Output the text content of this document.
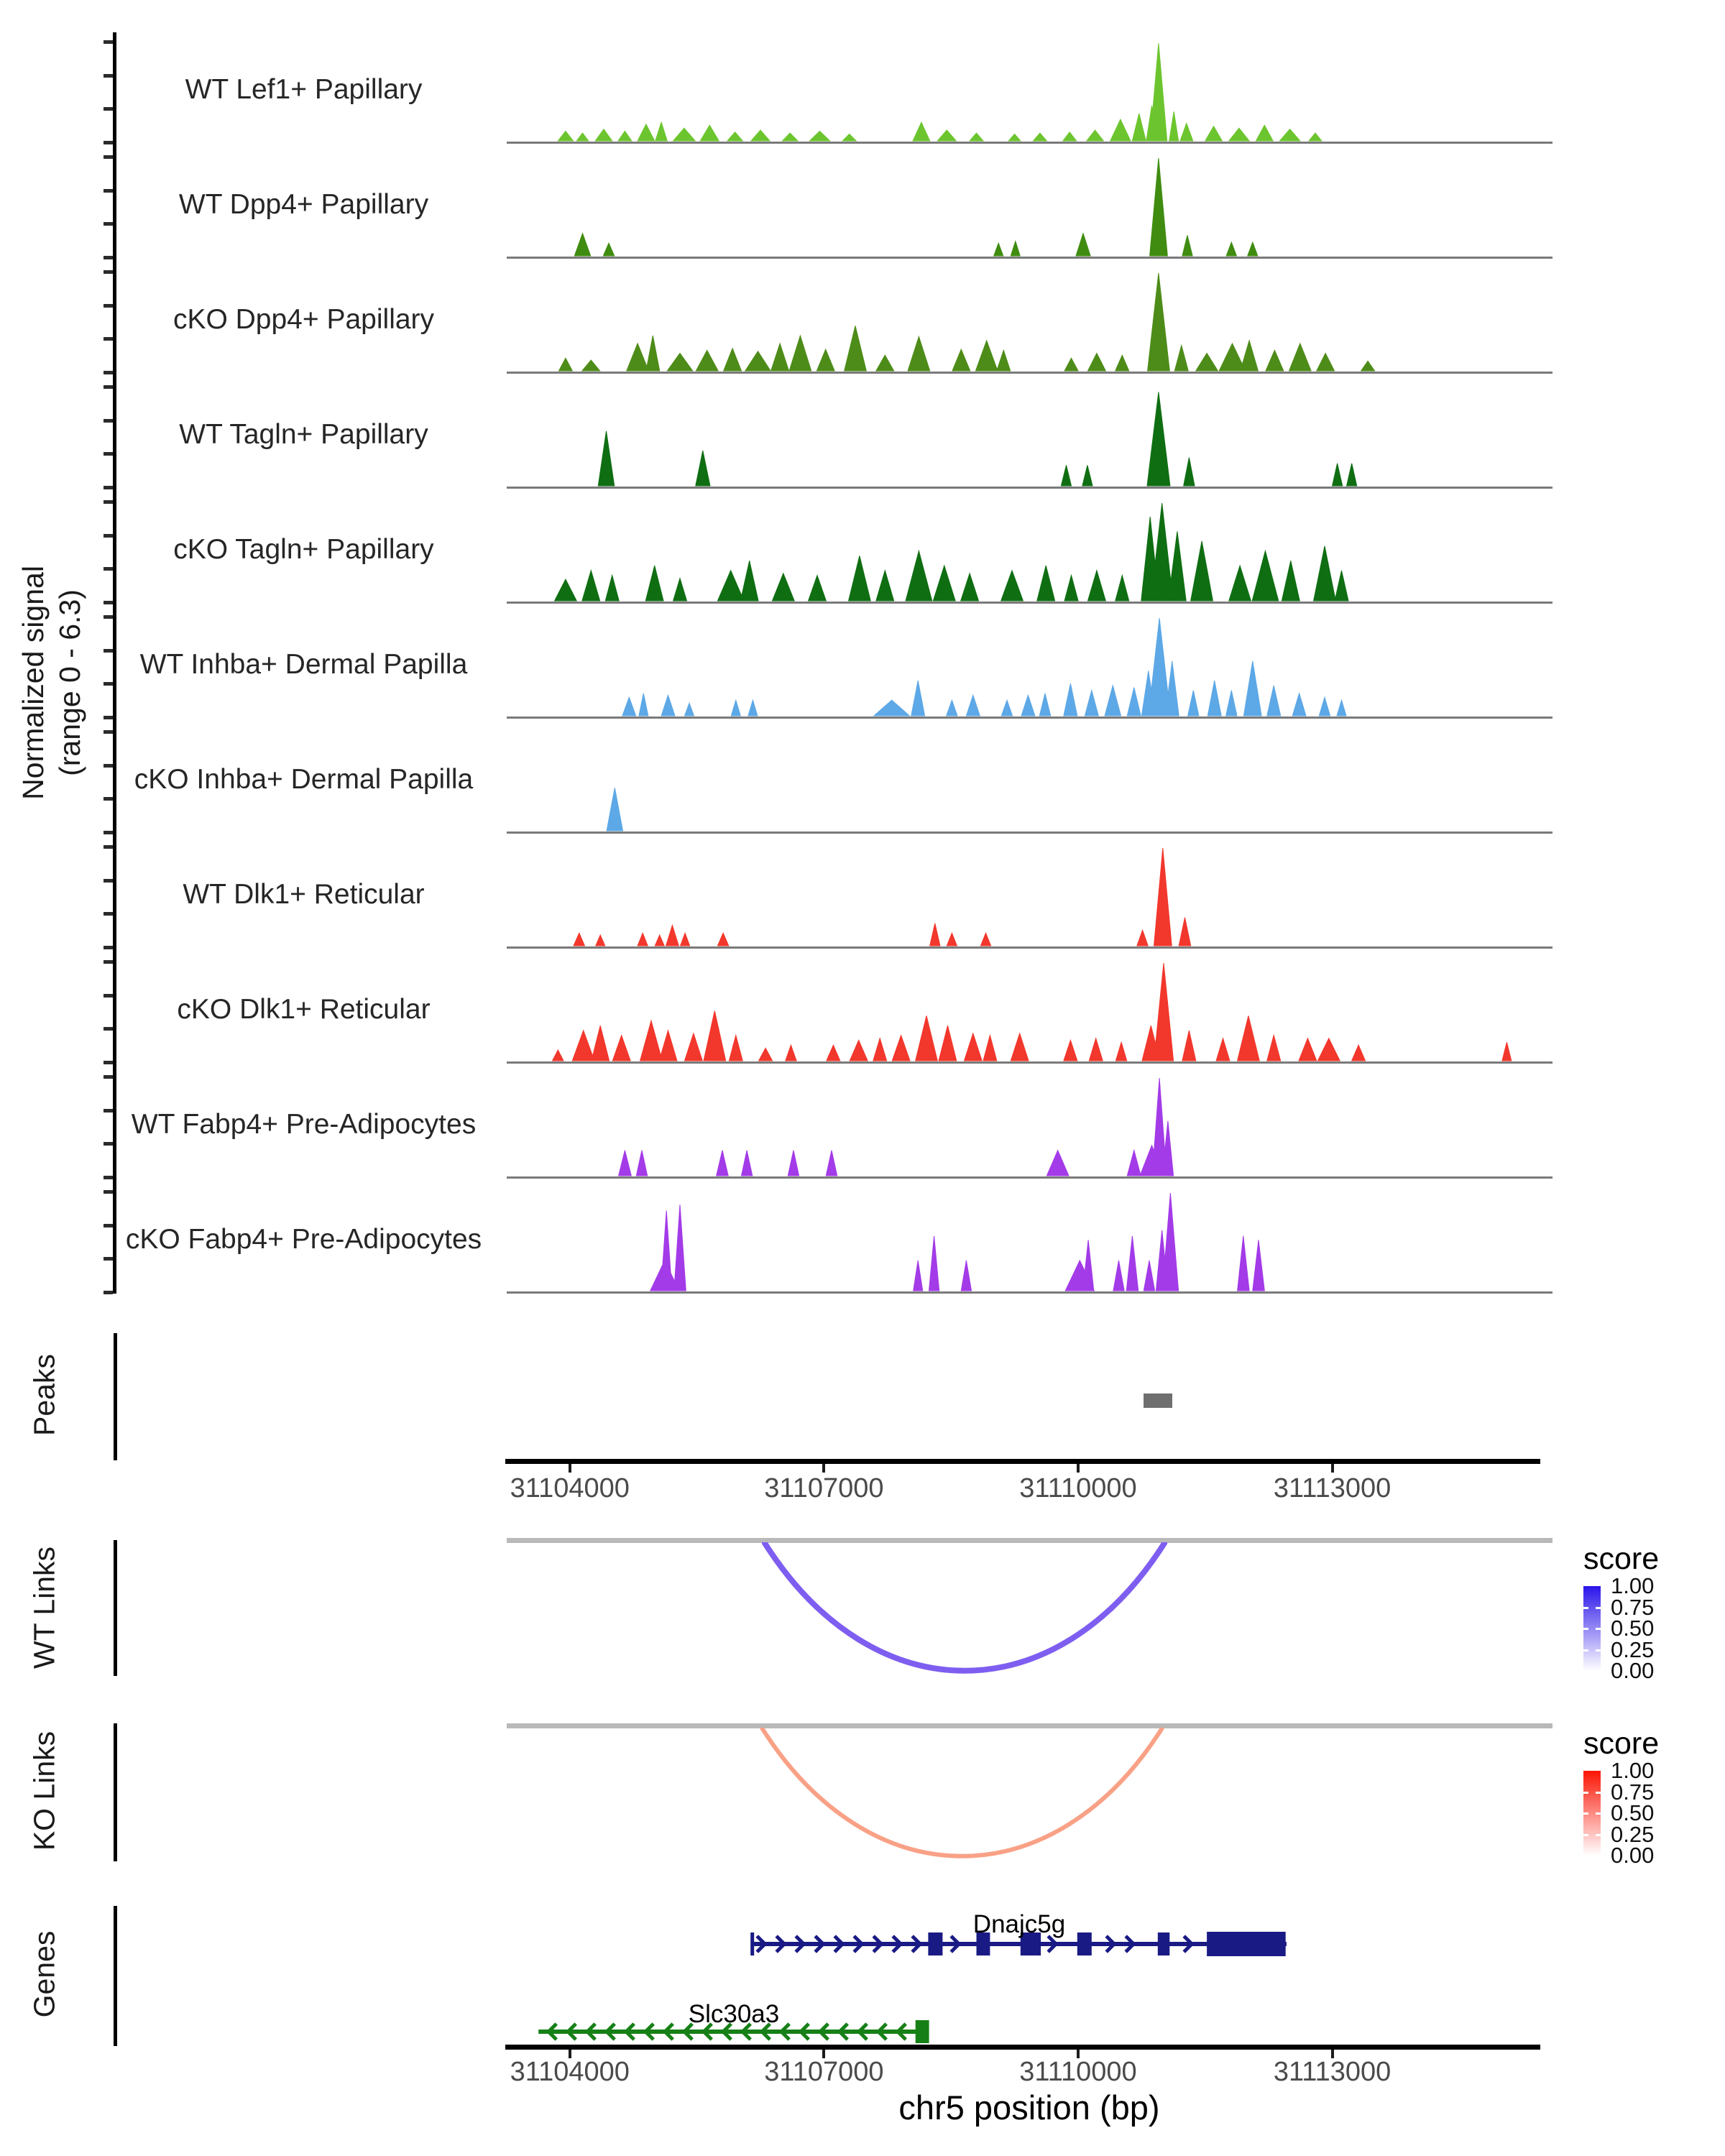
Normalized signal (range 0 - 6.3)
WT Lef1+ Papillary
WT Dpp4+ Papillary
cKO Dpp4+ Papillary
WT Tagln+ Papillary
cKO Tagln+ Papillary
WT Inhba+ Dermal Papilla
cKO Inhba+ Dermal Papilla
WT Dlk1+ Reticular
cKO Dlk1+ Reticular
WT Fabp4+ Pre-Adipocytes
cKO Fabp4+ Pre-Adipocytes
Peaks
31104000	31107000	31110000	31113000
WT Links
KO Links
score
1.00
0.75
0.50
0.25
0.00
score
1.00
0.75
0.50
0.25
0.00
Genes
Dnajc5g
Slc30a3
31104000	31107000	31110000	31113000
chr5 position (bp)
